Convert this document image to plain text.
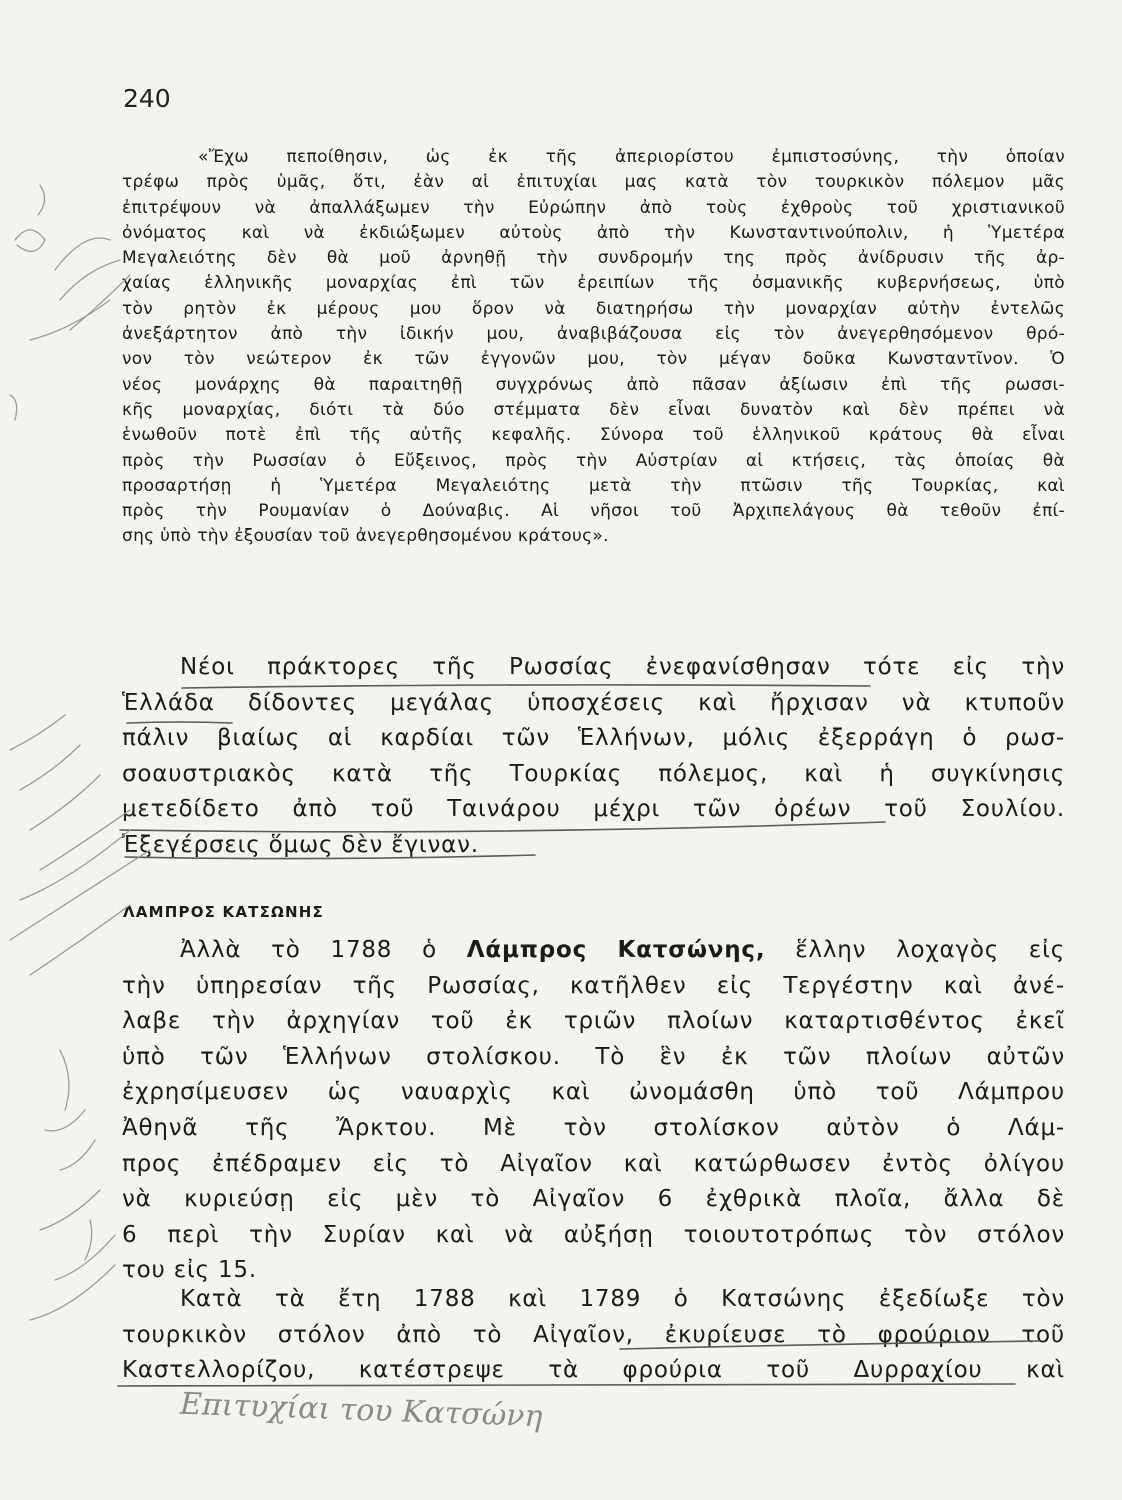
240
«Ἔχω πεποίθησιν, ὡς ἐκ τῆς ἀπεριορίστου ἐμπιστοσύνης, τὴν ὁποίαν
τρέφω πρὸς ὑμᾶς, ὅτι, ἐὰν αἱ ἐπιτυχίαι μας κατὰ τὸν τουρκικὸν πόλεμον μᾶς
ἐπιτρέψουν νὰ ἀπαλλάξωμεν τὴν Εὐρώπην ἀπὸ τοὺς ἐχθροὺς τοῦ χριστιανικοῦ
ὀνόματος καὶ νὰ ἐκδιώξωμεν αὐτοὺς ἀπὸ τὴν Κωνσταντινούπολιν, ἡ Ὑμετέρα
Μεγαλειότης δὲν θὰ μοῦ ἀρνηθῇ τὴν συνδρομήν της πρὸς ἀνίδρυσιν τῆς ἀρ-
χαίας ἑλληνικῆς μοναρχίας ἐπὶ τῶν ἐρειπίων τῆς ὀσμανικῆς κυβερνήσεως, ὑπὸ
τὸν ρητὸν ἐκ μέρους μου ὅρον νὰ διατηρήσω τὴν μοναρχίαν αὐτὴν ἐντελῶς
ἀνεξάρτητον ἀπὸ τὴν ἰδικήν μου, ἀναβιβάζουσα εἰς τὸν ἀνεγερθησόμενον θρό-
νον τὸν νεώτερον ἐκ τῶν ἐγγονῶν μου, τὸν μέγαν δοῦκα Κωνσταντῖνον. Ὁ
νέος μονάρχης θὰ παραιτηθῇ συγχρόνως ἀπὸ πᾶσαν ἀξίωσιν ἐπὶ τῆς ρωσσι-
κῆς μοναρχίας, διότι τὰ δύο στέμματα δὲν εἶναι δυνατὸν καὶ δὲν πρέπει νὰ
ἑνωθοῦν ποτὲ ἐπὶ τῆς αὐτῆς κεφαλῆς. Σύνορα τοῦ ἑλληνικοῦ κράτους θὰ εἶναι
πρὸς τὴν Ρωσσίαν ὁ Εὔξεινος, πρὸς τὴν Αὐστρίαν αἱ κτήσεις, τὰς ὁποίας θὰ
προσαρτήσῃ ἡ Ὑμετέρα Μεγαλειότης μετὰ τὴν πτῶσιν τῆς Τουρκίας, καὶ
πρὸς τὴν Ρουμανίαν ὁ Δούναβις. Αἱ νῆσοι τοῦ Ἀρχιπελάγους θὰ τεθοῦν ἐπί-
σης ὑπὸ τὴν ἐξουσίαν τοῦ ἀνεγερθησομένου κράτους».
Νέοι πράκτορες τῆς Ρωσσίας ἐνεφανίσθησαν τότε εἰς τὴν
Ἑλλάδα δίδοντες μεγάλας ὑποσχέσεις καὶ ἤρχισαν νὰ κτυποῦν
πάλιν βιαίως αἱ καρδίαι τῶν Ἑλλήνων, μόλις ἐξερράγη ὁ ρωσ-
σοαυστριακὸς κατὰ τῆς Τουρκίας πόλεμος, καὶ ἡ συγκίνησις
μετεδίδετο ἀπὸ τοῦ Ταινάρου μέχρι τῶν ὀρέων τοῦ Σουλίου.
Ἐξεγέρσεις ὅμως δὲν ἔγιναν.
ΛΑΜΠΡΟΣ ΚΑΤΣΩΝΗΣ
Ἀλλὰ τὸ 1788 ὁ Λάμπρος Κατσώνης, ἕλλην λοχαγὸς εἰς
τὴν ὑπηρεσίαν τῆς Ρωσσίας, κατῆλθεν εἰς Τεργέστην καὶ ἀνέ-
λαβε τὴν ἀρχηγίαν τοῦ ἐκ τριῶν πλοίων καταρτισθέντος ἐκεῖ
ὑπὸ τῶν Ἑλλήνων στολίσκου. Τὸ ἓν ἐκ τῶν πλοίων αὐτῶν
ἐχρησίμευσεν ὡς ναυαρχὶς καὶ ὠνομάσθη ὑπὸ τοῦ Λάμπρου
Ἀθηνᾶ τῆς Ἄρκτου. Μὲ τὸν στολίσκον αὐτὸν ὁ Λάμ-
προς ἐπέδραμεν εἰς τὸ Αἰγαῖον καὶ κατώρθωσεν ἐντὸς ὀλίγου
νὰ κυριεύσῃ εἰς μὲν τὸ Αἰγαῖον 6 ἐχθρικὰ πλοῖα, ἄλλα δὲ
6 περὶ τὴν Συρίαν καὶ νὰ αὐξήσῃ τοιουτοτρόπως τὸν στόλον
του εἰς 15.
Κατὰ τὰ ἔτη 1788 καὶ 1789 ὁ Κατσώνης ἐξεδίωξε τὸν
τουρκικὸν στόλον ἀπὸ τὸ Αἰγαῖον, ἐκυρίευσε τὸ φρούριον τοῦ
Καστελλορίζου, κατέστρεψε τὰ φρούρια τοῦ Δυρραχίου καὶ
Επιτυχίαι του Κατσώνη
